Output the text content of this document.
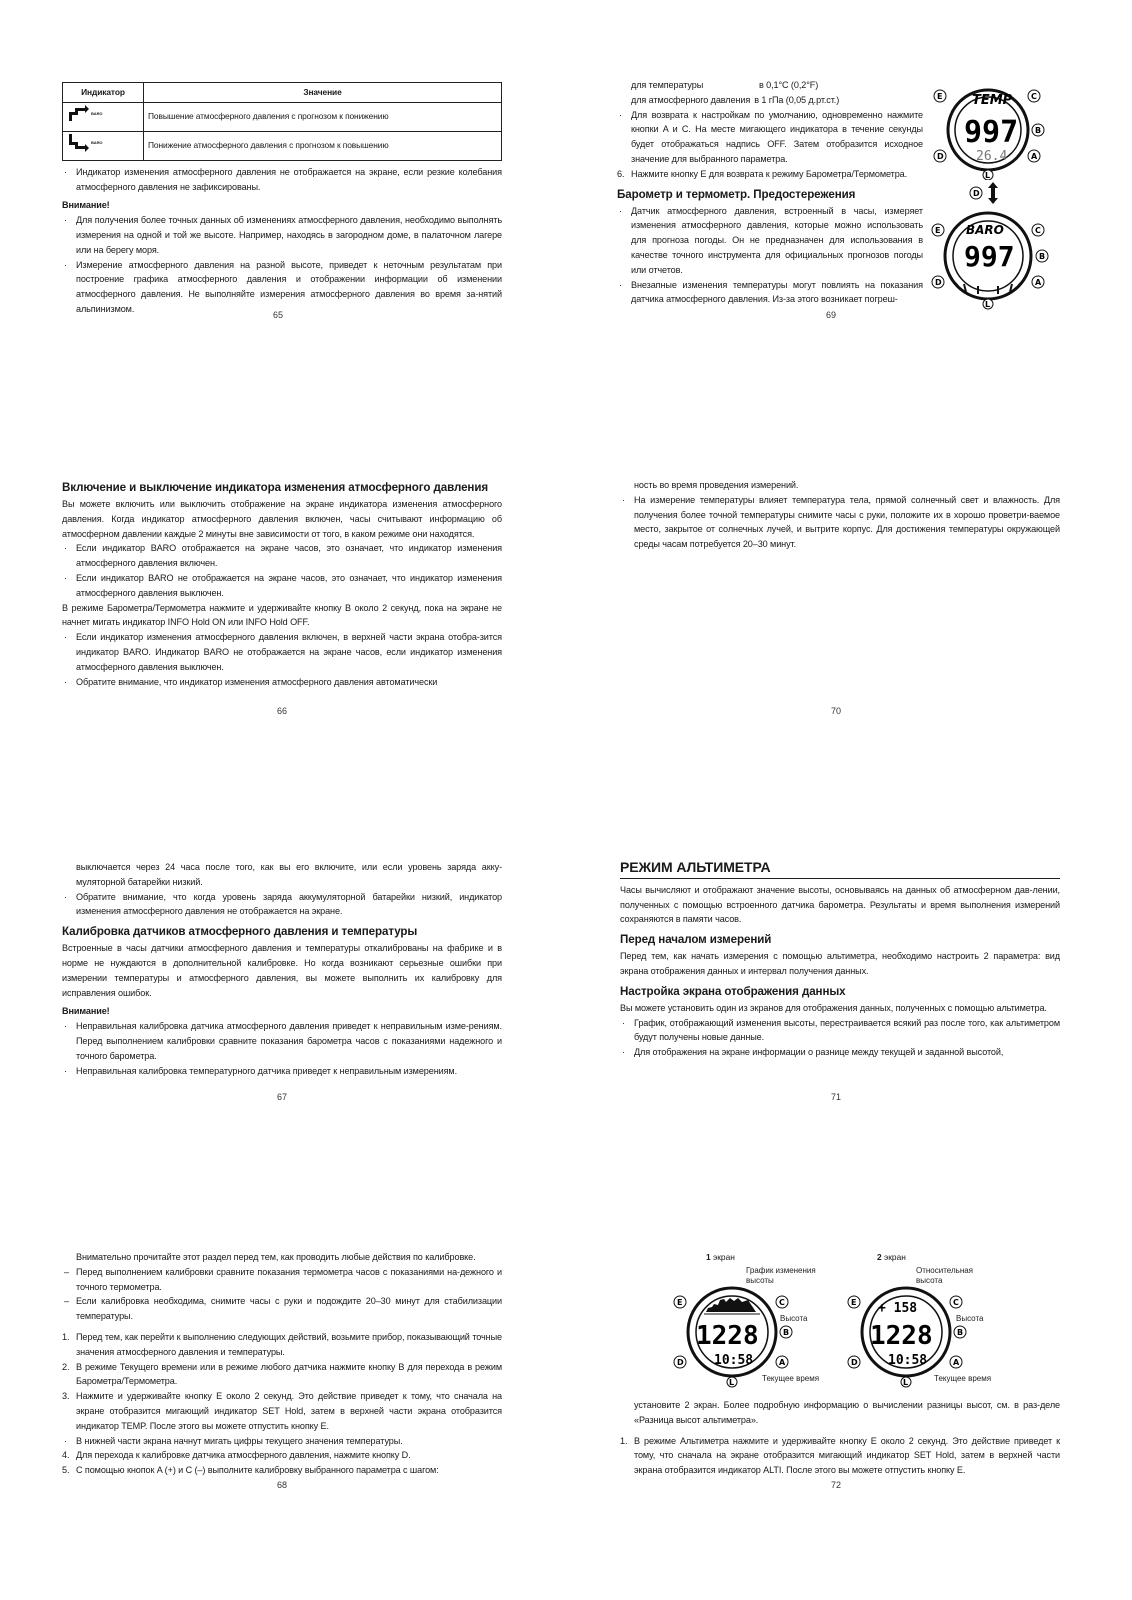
Индикатор	Значение

BARO	Повышение атмосферного давления с прогнозом к понижению

BARO	Понижение атмосферного давления с прогнозом к повышению
· Индикатор изменения атмосферного давления не отображается на экране, если резкие колебания атмосферного давления не зафиксированы.

Внимание!

· Для получения более точных данных об изменениях атмосферного давления, необходимо выполнять измерения на одной и той же высоте. Например, находясь в загородном доме, в палаточном лагере или на берегу моря.
· Измерение атмосферного давления на разной высоте, приведет к неточным результатам при построение графика атмосферного давления и отображении информации об изменении атмосферного давления. Не выполняйте измерения атмосферного давления во время за-нятий альпинизмом.
65
для температуры	в 0,1°C (0,2°F)
для атмосферного давления в 1 гПа (0,05 д.рт.ст.)
· Для возврата к настройкам по умолчанию, одновременно нажмите кнопки A и C. На месте мигающего индикатора в течение секунды будет отображаться надпись OFF. Затем отобразится исходное значение для выбранного параметра.
6. Нажмите кнопку E для возврата к режиму Барометра/Термометра.
Барометр и термометр. Предостережения
· Датчик атмосферного давления, встроенный в часы, измеряет изменения атмосферного давления, которые можно использовать для прогноза погоды. Он не предназначен для использования в качестве точного инструмента для официальных прогнозов погоды или отчетов.
· Внезапные изменения температуры могут повлиять на показания датчика атмосферного давления. Из-за этого возникает погреш-
69
TEMP
997
26.4
E	C
B
D	A
L
D
BARO
997
E	C
B
D	A
L
Включение и выключение индикатора изменения атмосферного давления

Вы можете включить или выключить отображение на экране индикатора изменения атмосферного давления. Когда индикатор атмосферного давления включен, часы считывают информацию об атмосферном давлении каждые 2 минуты вне зависимости от того, в каком режиме они находятся.

· Если индикатор BARO отображается на экране часов, это означает, что индикатор изменения атмосферного давления включен.
· Если индикатор BARO не отображается на экране часов, это означает, что индикатор изменения атмосферного давления выключен.

В режиме Барометра/Термометра нажмите и удерживайте кнопку B около 2 секунд, пока на экране не начнет мигать индикатор INFO Hold ON или INFO Hold OFF.

· Если индикатор изменения атмосферного давления включен, в верхней части экрана отобра-зится индикатор BARO. Индикатор BARO не отображается на экране часов, если индикатор изменения атмосферного давления выключен.
· Обратите внимание, что индикатор изменения атмосферного давления автоматически
66

ность во время проведения измерений.

· На измерение температуры влияет температура тела, прямой солнечный свет и влажность. Для получения более точной температуры снимите часы с руки, положите их в хорошо проветри-ваемое место, закрытое от солнечных лучей, и вытрите корпус. Для достижения температуры окружающей среды часам потребуется 20–30 минут.
70

выключается через 24 часа после того, как вы его включите, или если уровень заряда акку-муляторной батарейки низкий.

· Обратите внимание, что когда уровень заряда аккумуляторной батарейки низкий, индикатор изменения атмосферного давления не отображается на экране.
Калибровка датчиков атмосферного давления и температуры

Встроенные в часы датчики атмосферного давления и температуры откалиброваны на фабрике и в норме не нуждаются в дополнительной калибровке. Но когда возникают серьезные ошибки при измерении температуры и атмосферного давления, вы можете выполнить их калибровку для исправления ошибок.

Внимание!

· Неправильная калибровка датчика атмосферного давления приведет к неправильным изме-рениям. Перед выполнением калибровки сравните показания барометра часов с показаниями надежного и точного барометра.
· Неправильная калибровка температурного датчика приведет к неправильным измерениям.
67
РЕЖИМ АЛЬТИМЕТРА

Часы вычисляют и отображают значение высоты, основываясь на данных об атмосферном дав-лении, полученных с помощью встроенного датчика барометра. Результаты и время выполнения измерений сохраняются в памяти часов.

Перед началом измерений

Перед тем, как начать измерения с помощью альтиметра, необходимо настроить 2 параметра: вид экрана отображения данных и интервал получения данных.

Настройка экрана отображения данных

Вы можете установить один из экранов для отображения данных, полученных с помощью альтиметра.

· График, отображающий изменения высоты, перестраивается всякий раз после того, как альтиметром будут получены новые данные.
· Для отображения на экране информации о разнице между текущей и заданной высотой,
71

Внимательно прочитайте этот раздел перед тем, как проводить любые действия по калибровке.

– Перед выполнением калибровки сравните показания термометра часов с показаниями на-дежного и точного термометра.
– Если калибровка необходима, снимите часы с руки и подождите 20–30 минут для стабилизации температуры.
1. Перед тем, как перейти к выполнению следующих действий, возьмите прибор, показывающий точные значения атмосферного давления и температуры.
2. В режиме Текущего времени или в режиме любого датчика нажмите кнопку B для перехода в режим Барометра/Термометра.
3. Нажмите и удерживайте кнопку E около 2 секунд. Это действие приведет к тому, что сначала на экране отобразится мигающий индикатор SET Hold, затем в верхней части экрана отобразится индикатор TEMP. После этого вы можете отпустить кнопку E.
· В нижней части экрана начнут мигать цифры текущего значения температуры.
4. Для перехода к калибровке датчика атмосферного давления, нажмите кнопку D.
5. С помощью кнопок A (+) и C (–) выполните калибровку выбранного параметра с шагом:
68
1 экран	2 экран
График изменения высоты
Относительная высота
Высота	Высота
Текущее время	Текущее время
1228
10:58
E	C
B
D	A
L
+ 158
1228
10:58
E	C
B
D	A
L

установите 2 экран. Более подробную информацию о вычислении разницы высот, см. в раз-деле «Разница высот альтиметра».

1. В режиме Альтиметра нажмите и удерживайте кнопку E около 2 секунд. Это действие приведет к тому, что сначала на экране отобразится мигающий индикатор SET Hold, затем в верхней части экрана отобразится индикатор ALTI. После этого вы можете отпустить кнопку E.
72
